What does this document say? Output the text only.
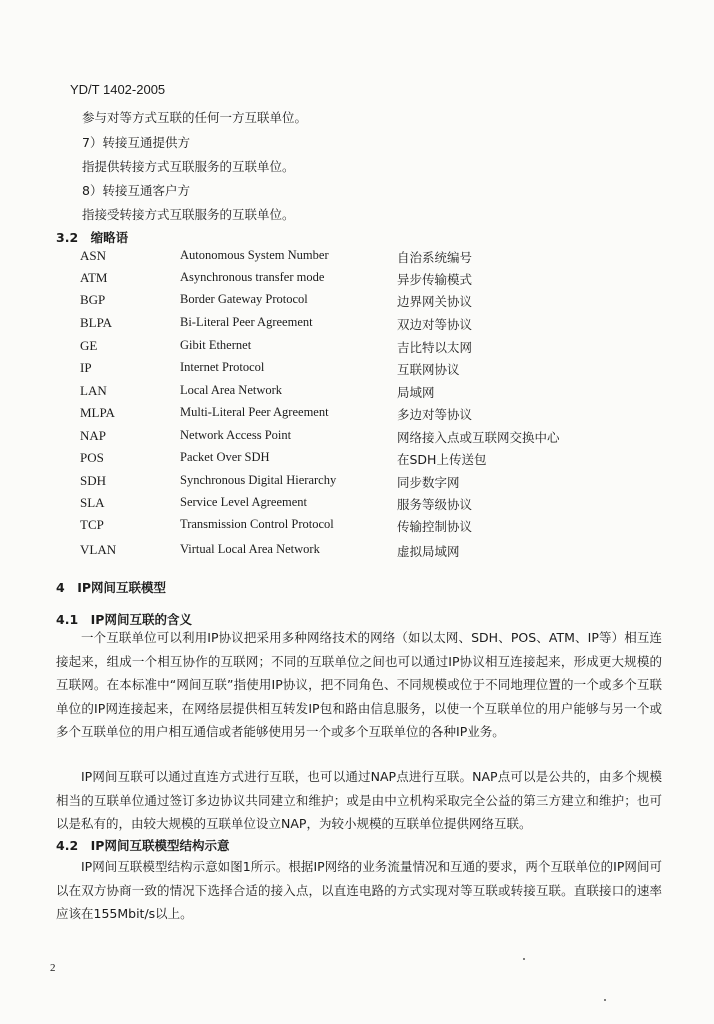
YD/T 1402-2005
参与对等方式互联的任何一方互联单位。
7）转接互通提供方
指提供转接方式互联服务的互联单位。
8）转接互通客户方
指接受转接方式互联服务的互联单位。
3.2　缩略语
ASN	Autonomous System Number	自治系统编号
ATM	Asynchronous transfer mode	异步传输模式
BGP	Border Gateway Protocol	边界网关协议
BLPA	Bi-Literal Peer Agreement	双边对等协议
GE	Gibit Ethernet	吉比特以太网
IP	Internet Protocol	互联网协议
LAN	Local Area Network	局域网
MLPA	Multi-Literal Peer Agreement	多边对等协议
NAP	Network Access Point	网络接入点或互联网交换中心
POS	Packet Over SDH	在SDH上传送包
SDH	Synchronous Digital Hierarchy	同步数字网
SLA	Service Level Agreement	服务等级协议
TCP	Transmission Control Protocol	传输控制协议
VLAN	Virtual Local Area Network	虚拟局域网
4　IP网间互联模型
4.1　IP网间互联的含义

一个互联单位可以利用IP协议把采用多种网络技术的网络（如以太网、SDH、POS、ATM、IP等）相互连接起来，组成一个相互协作的互联网；不同的互联单位之间也可以通过IP协议相互连接起来，形成更大规模的互联网。在本标准中“网间互联”指使用IP协议，把不同角色、不同规模或位于不同地理位置的一个或多个互联单位的IP网连接起来，在网络层提供相互转发IP包和路由信息服务，以使一个互联单位的用户能够与另一个或多个互联单位的用户相互通信或者能够使用另一个或多个互联单位的各种IP业务。

IP网间互联可以通过直连方式进行互联，也可以通过NAP点进行互联。NAP点可以是公共的，由多个规模相当的互联单位通过签订多边协议共同建立和维护；或是由中立机构采取完全公益的第三方建立和维护；也可以是私有的，由较大规模的互联单位设立NAP，为较小规模的互联单位提供网络互联。

4.2　IP网间互联模型结构示意

IP网间互联模型结构示意如图1所示。根据IP网络的业务流量情况和互通的要求，两个互联单位的IP网间可以在双方协商一致的情况下选择合适的接入点，以直连电路的方式实现对等互联或转接互联。直联接口的速率应该在155Mbit/s以上。

2
